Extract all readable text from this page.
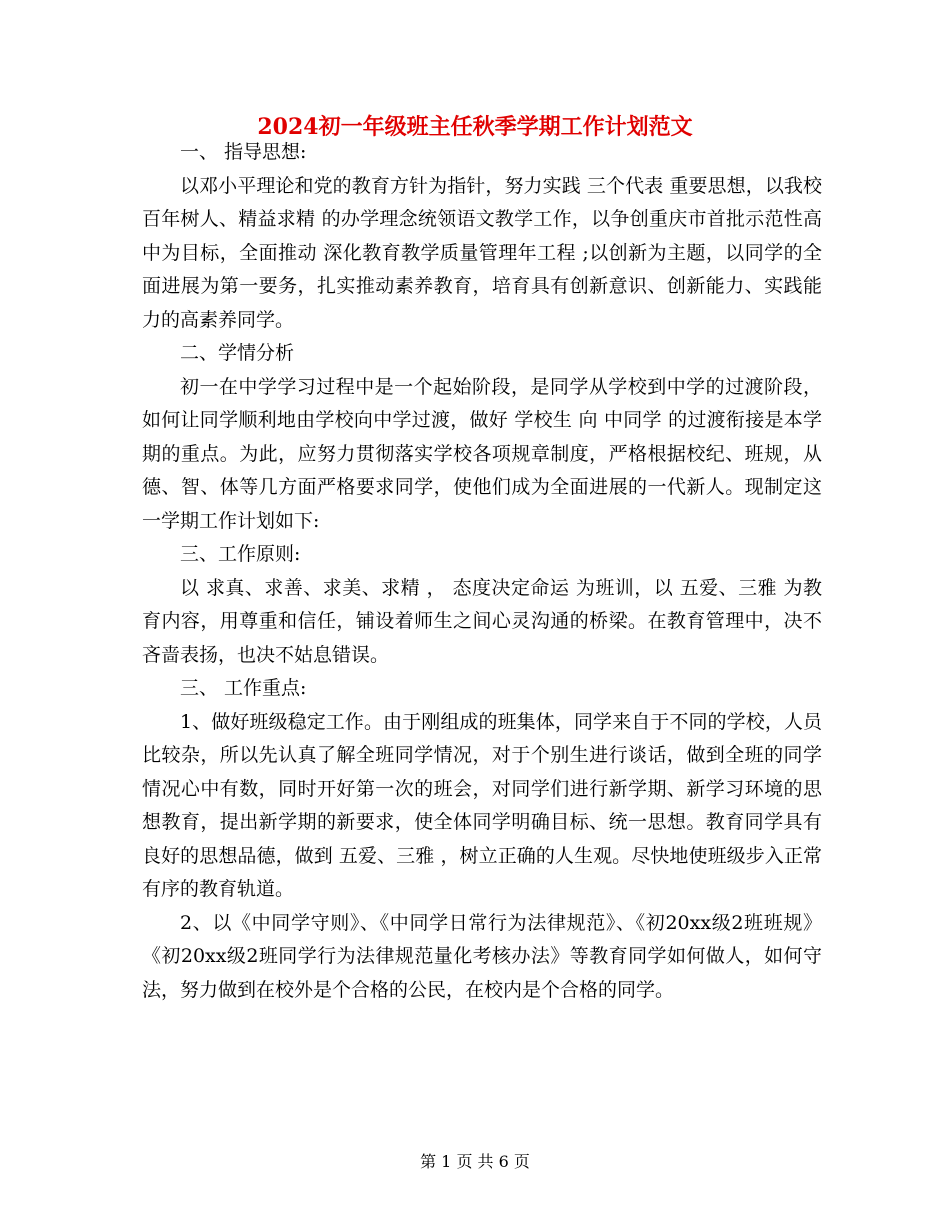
2024初一年级班主任秋季学期工作计划范文

一、 指导思想:

以邓小平理论和党的教育方针为指针，努力实践 三个代表 重要思想，以我校 百年树人、精益求精 的办学理念统领语文教学工作，以争创重庆市首批示范性高中为目标，全面推动 深化教育教学质量管理年工程 ;以创新为主题，以同学的全面进展为第一要务，扎实推动素养教育，培育具有创新意识、创新能力、实践能力的高素养同学。

二、学情分析

初一在中学学习过程中是一个起始阶段，是同学从学校到中学的过渡阶段，如何让同学顺利地由学校向中学过渡，做好 学校生 向 中同学 的过渡衔接是本学期的重点。为此，应努力贯彻落实学校各项规章制度，严格根据校纪、班规，从德、智、体等几方面严格要求同学，使他们成为全面进展的一代新人。现制定这一学期工作计划如下:

三、工作原则:

以 求真、求善、求美、求精 ， 态度决定命运 为班训，以 五爱、三雅 为教育内容，用尊重和信任，铺设着师生之间心灵沟通的桥梁。在教育管理中，决不吝啬表扬，也决不姑息错误。

三、 工作重点:

1、做好班级稳定工作。由于刚组成的班集体，同学来自于不同的学校，人员比较杂，所以先认真了解全班同学情况，对于个别生进行谈话，做到全班的同学情况心中有数，同时开好第一次的班会，对同学们进行新学期、新学习环境的思想教育，提出新学期的新要求，使全体同学明确目标、统一思想。教育同学具有良好的思想品德，做到 五爱、三雅 ，树立正确的人生观。尽快地使班级步入正常有序的教育轨道。

2、以《中同学守则》、《中同学日常行为法律规范》、《初20xx级2班班规》《初20xx级2班同学行为法律规范量化考核办法》等教育同学如何做人，如何守法，努力做到在校外是个合格的公民，在校内是个合格的同学。

第 1 页 共 6 页
